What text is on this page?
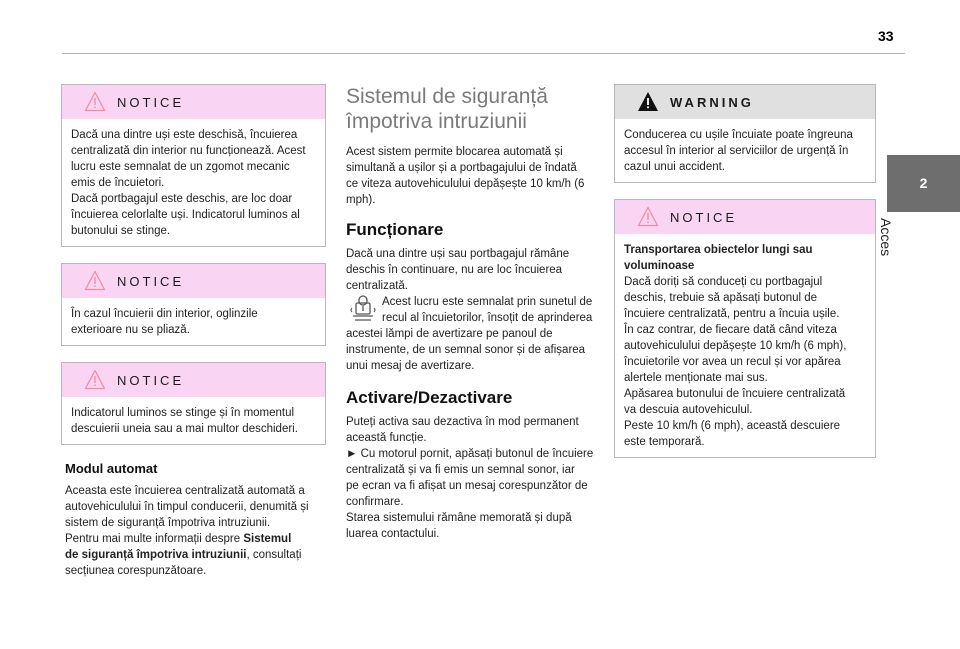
33
2
Acces
NOTICE
Dacă una dintre uși este deschisă, încuierea
centralizată din interior nu funcționează. Acest
lucru este semnalat de un zgomot mecanic
emis de încuietori.
Dacă portbagajul este deschis, are loc doar
încuierea celorlalte uși. Indicatorul luminos al
butonului se stinge.
NOTICE
În cazul încuierii din interior, oglinzile
exterioare nu se pliază.
NOTICE
Indicatorul luminos se stinge și în momentul
descuierii uneia sau a mai multor deschideri.
Modul automat
Aceasta este încuierea centralizată automată a
autovehiculului în timpul conducerii, denumită și
sistem de siguranță împotriva intruziunii.
Pentru mai multe informații despre Sistemul
de siguranță împotriva intruziunii, consultați
secțiunea corespunzătoare.
Sistemul de siguranță
împotriva intruziunii
Acest sistem permite blocarea automată și
simultană a ușilor și a portbagajului de îndată
ce viteza autovehiculului depășește 10 km/h (6
mph).
Funcționare
Dacă una dintre uși sau portbagajul rămâne
deschis în continuare, nu are loc încuierea
centralizată.
Acest lucru este semnalat prin sunetul de
recul al încuietorilor, însoțit de aprinderea
acestei lămpi de avertizare pe panoul de
instrumente, de un semnal sonor și de afișarea
unui mesaj de avertizare.
Activare/Dezactivare
Puteți activa sau dezactiva în mod permanent
această funcție.
► Cu motorul pornit, apăsați butonul de încuiere
centralizată și va fi emis un semnal sonor, iar
pe ecran va fi afișat un mesaj corespunzător de
confirmare.
Starea sistemului rămâne memorată și după
luarea contactului.
WARNING
Conducerea cu ușile încuiate poate îngreuna
accesul în interior al serviciilor de urgență în
cazul unui accident.
NOTICE
Transportarea obiectelor lungi sau
voluminoase
Dacă doriți să conduceți cu portbagajul
deschis, trebuie să apăsați butonul de
încuiere centralizată, pentru a încuia ușile.
În caz contrar, de fiecare dată când viteza
autovehiculului depășește 10 km/h (6 mph),
încuietorile vor avea un recul și vor apărea
alertele menționate mai sus.
Apăsarea butonului de încuiere centralizată
va descuia autovehiculul.
Peste 10 km/h (6 mph), această descuiere
este temporară.
